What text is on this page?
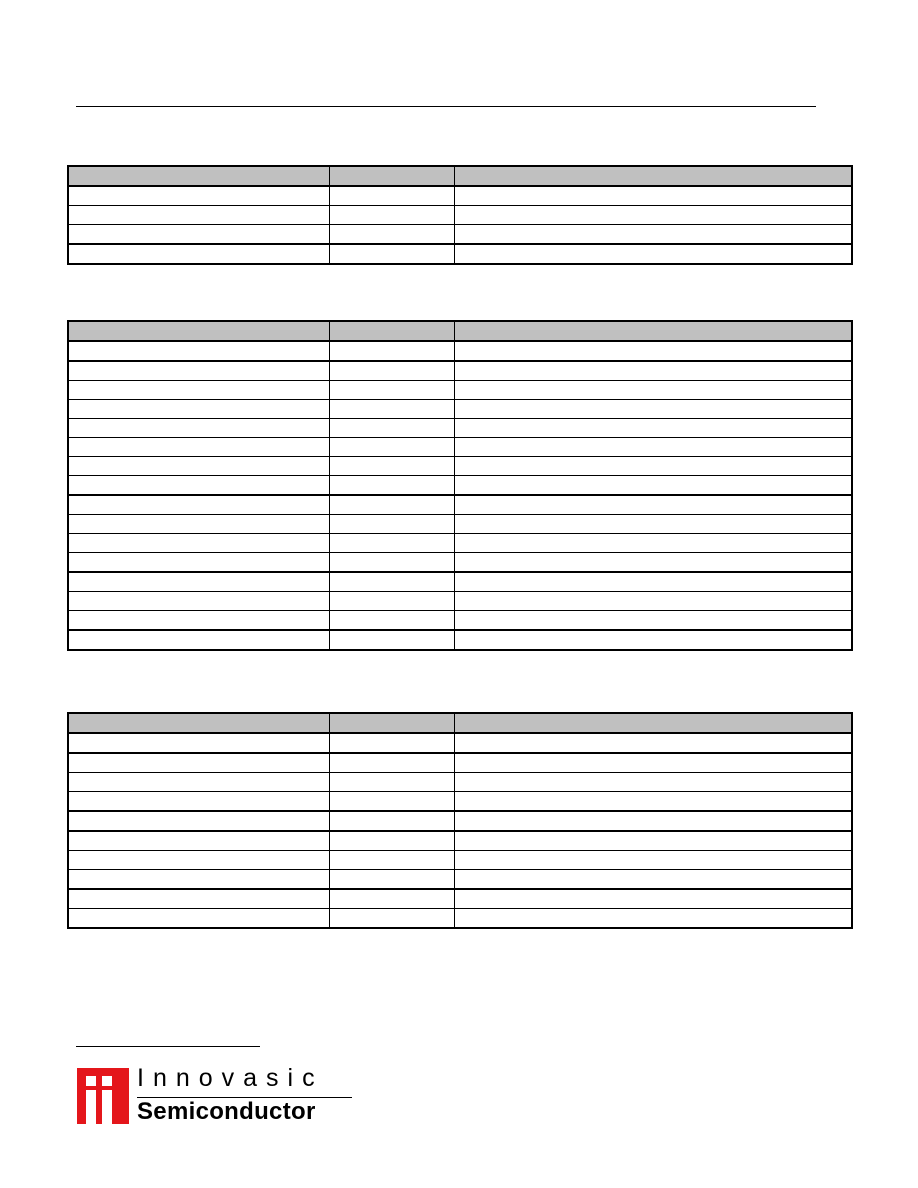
Innovasic
Semiconductor
